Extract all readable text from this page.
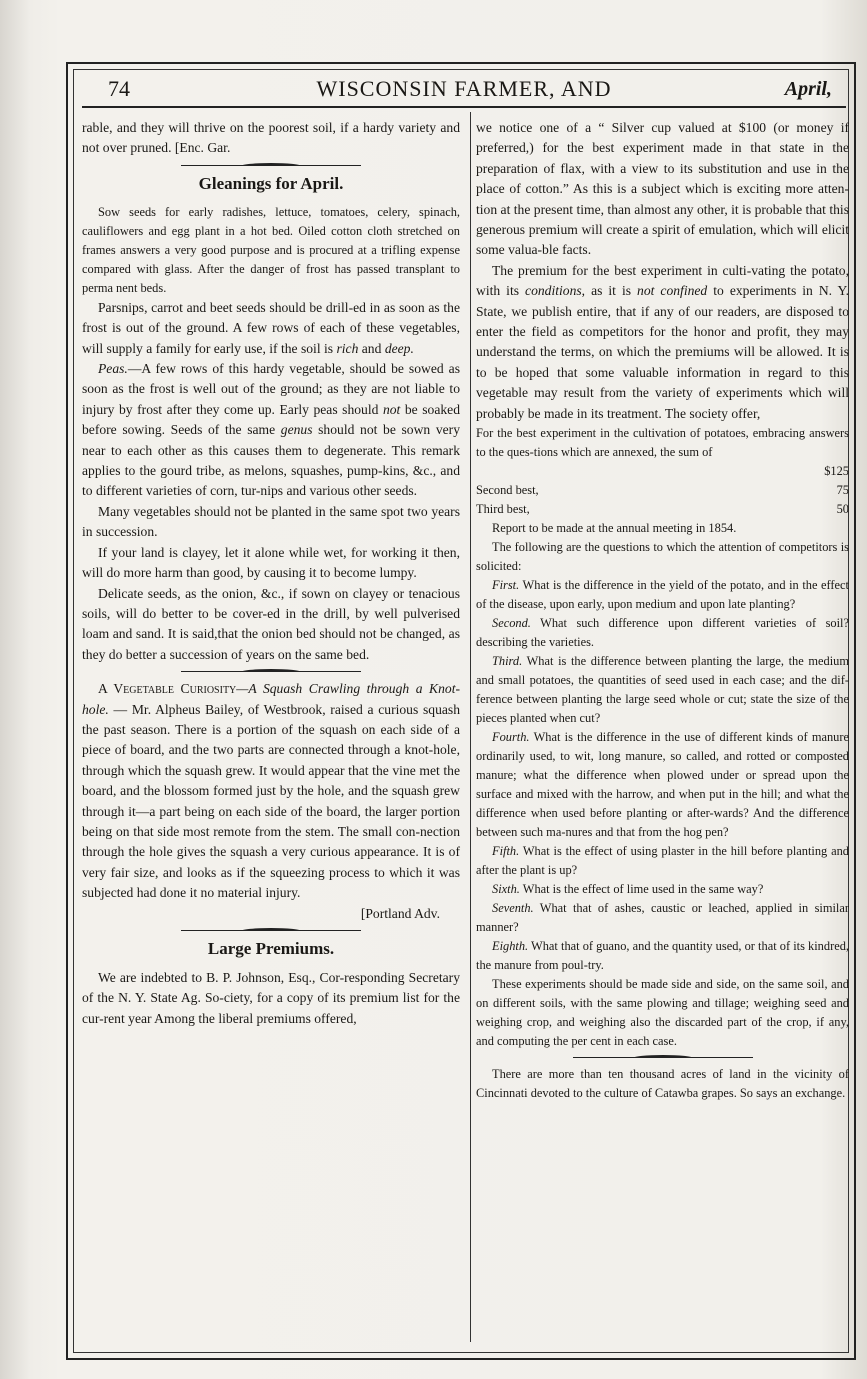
74	WISCONSIN FARMER, AND	April,

rable, and they will thrive on the poorest soil, if a hardy variety and not over pruned. [Enc. Gar.

Gleanings for April.

Sow seeds for early radishes, lettuce, tomatoes, celery, spinach, cauliflowers and egg plant in a hot bed. Oiled cotton cloth stretched on frames answers a very good purpose and is procured at a trifling expense compared with glass. After the danger of frost has passed transplant to perma nent beds.

Parsnips, carrot and beet seeds should be drill-ed in as soon as the frost is out of the ground. A few rows of each of these vegetables, will supply a family for early use, if the soil is rich and deep.

Peas.—A few rows of this hardy vegetable, should be sowed as soon as the frost is well out of the ground; as they are not liable to injury by frost after they come up. Early peas should not be soaked before sowing. Seeds of the same genus should not be sown very near to each other as this causes them to degenerate. This remark applies to the gourd tribe, as melons, squashes, pump-kins, &c., and to different varieties of corn, tur-nips and various other seeds.

Many vegetables should not be planted in the same spot two years in succession.

If your land is clayey, let it alone while wet, for working it then, will do more harm than good, by causing it to become lumpy.

Delicate seeds, as the onion, &c., if sown on clayey or tenacious soils, will do better to be cover-ed in the drill, by well pulverised loam and sand. It is said,that the onion bed should not be changed, as they do better a succession of years on the same bed.

A Vegetable Curiosity—A Squash Crawling through a Knot-hole. — Mr. Alpheus Bailey, of Westbrook, raised a curious squash the past season. There is a portion of the squash on each side of a piece of board, and the two parts are connected through a knot-hole, through which the squash grew. It would appear that the vine met the board, and the blossom formed just by the hole, and the squash grew through it—a part being on each side of the board, the larger portion being on that side most remote from the stem. The small con-nection through the hole gives the squash a very curious appearance. It is of very fair size, and looks as if the squeezing process to which it was subjected had done it no material injury.

[Portland Adv.

Large Premiums.

We are indebted to B. P. Johnson, Esq., Cor-responding Secretary of the N. Y. State Ag. So-ciety, for a copy of its premium list for the cur-rent year Among the liberal premiums offered,

we notice one of a “ Silver cup valued at $100 (or money if preferred,) for the best experiment made in that state in the preparation of flax, with a view to its substitution and use in the place of cotton.” As this is a subject which is exciting more atten-tion at the present time, than almost any other, it is probable that this generous premium will create a spirit of emulation, which will elicit some valua-ble facts.

The premium for the best experiment in culti-vating the potato, with its conditions, as it is not confined to experiments in N. Y. State, we publish entire, that if any of our readers, are disposed to enter the field as competitors for the honor and profit, they may understand the terms, on which the premiums will be allowed. It is to be hoped that some valuable information in regard to this vegetable may result from the variety of experiments which will probably be made in its treatment. The society offer,

For the best experiment in the cultivation of potatoes, embracing answers to the ques-tions which are annexed, the sum of

$125
Second best,	75
Third best,	50

Report to be made at the annual meeting in 1854.

The following are the questions to which the attention of competitors is solicited:

First. What is the difference in the yield of the potato, and in the effect of the disease, upon early, upon medium and upon late planting?

Second. What such difference upon different varieties of soil? describing the varieties.

Third. What is the difference between planting the large, the medium and small potatoes, the quantities of seed used in each case; and the dif-ference between planting the large seed whole or cut; state the size of the pieces planted when cut?

Fourth. What is the difference in the use of different kinds of manure ordinarily used, to wit, long manure, so called, and rotted or composted manure; what the difference when plowed under or spread upon the surface and mixed with the harrow, and when put in the hill; and what the difference when used before planting or after-wards? And the difference between such ma-nures and that from the hog pen?

Fifth. What is the effect of using plaster in the hill before planting and after the plant is up?

Sixth. What is the effect of lime used in the same way?

Seventh. What that of ashes, caustic or leached, applied in similar manner?

Eighth. What that of guano, and the quantity used, or that of its kindred, the manure from poul-try.

These experiments should be made side and side, on the same soil, and on different soils, with the same plowing and tillage; weighing seed and weighing crop, and weighing also the discarded part of the crop, if any, and computing the per cent in each case.

There are more than ten thousand acres of land in the vicinity of Cincinnati devoted to the culture of Catawba grapes. So says an exchange.
